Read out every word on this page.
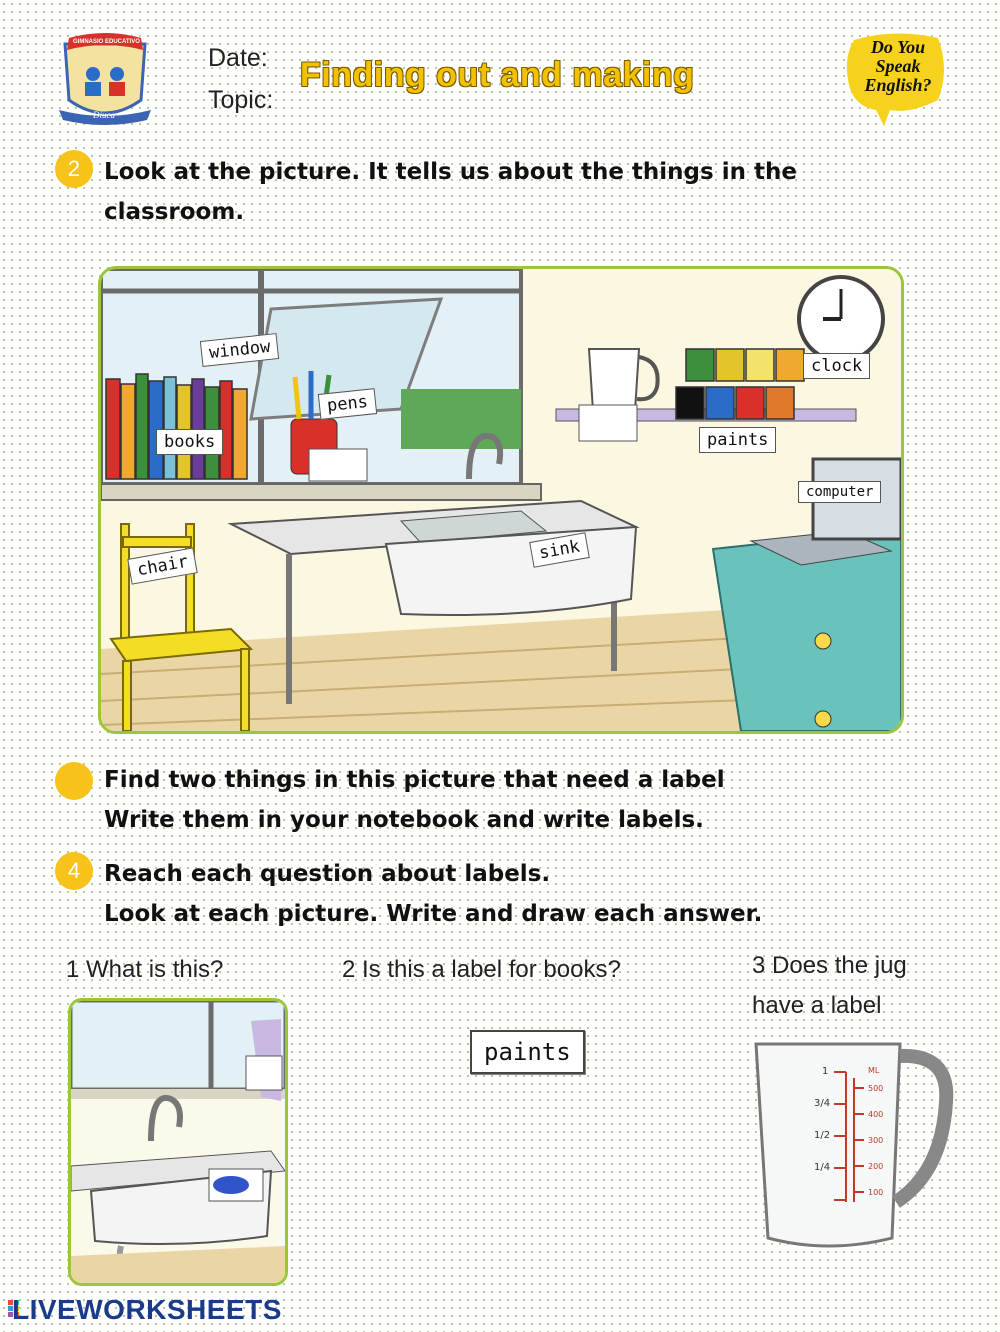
GIMNASIO EDUCATIVO
Diuca
Date:
Topic:
Finding out and making
Do You
Speak
English?
2	Look at the picture. It tells us about the things in the
classroom.
window
pens
books
clock
paints
computer
chair
sink
Find two things in this picture that need a label
Write them in your notebook and write labels.
4	Reach each question about labels.
Look at each picture. Write and draw each answer.
1 What is this?	2 Is this a label for books?	3 Does the jug
have a label
paints
1
3/4
1/2
1/4
ML
500
400
300
200
100
LIVEWORKSHEETS
